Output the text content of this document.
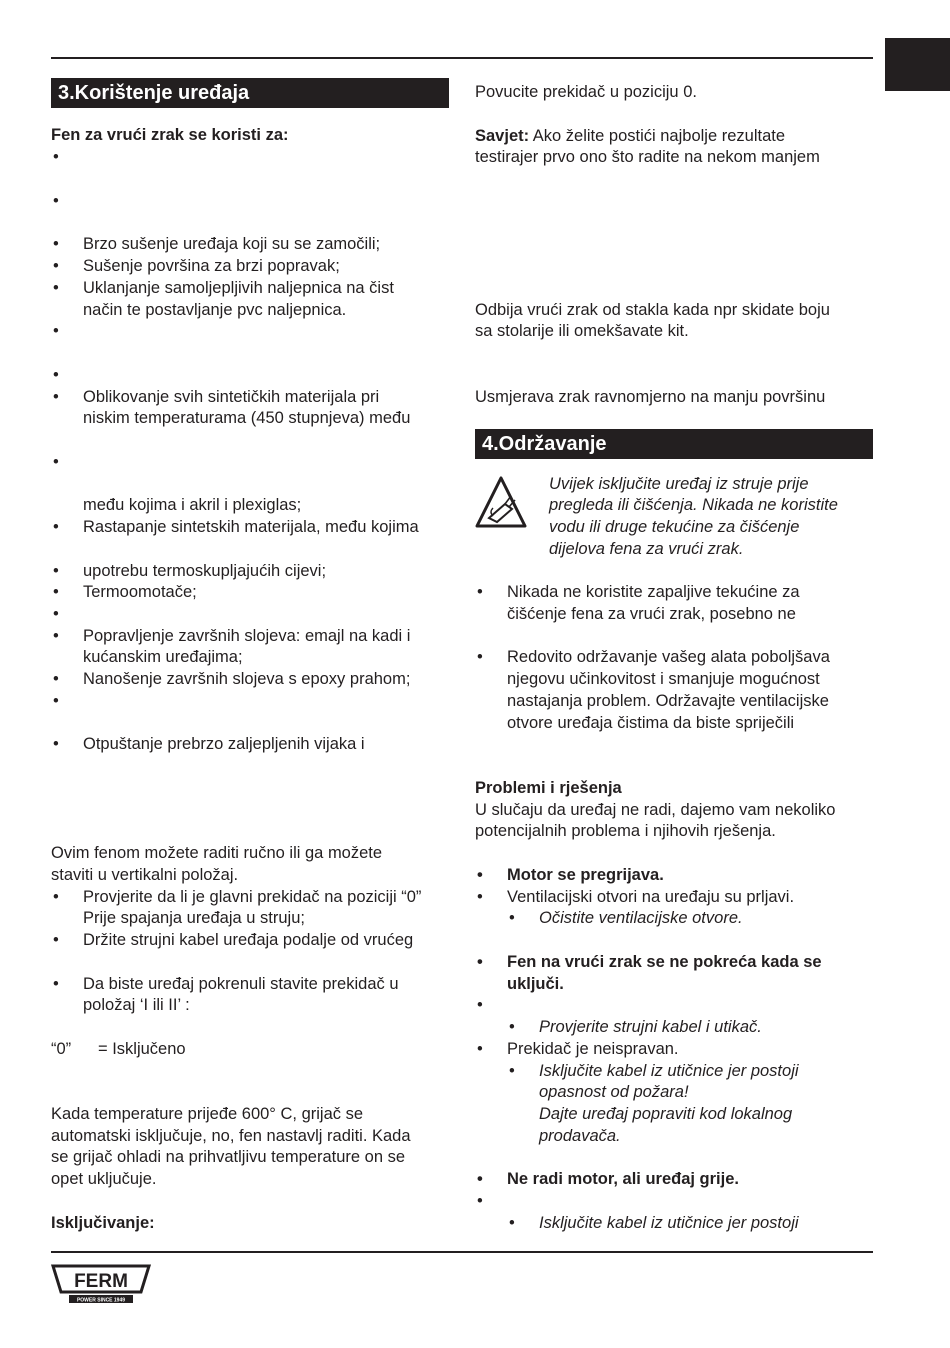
3.Korištenje uređaja
Fen za vrući zrak se koristi za:
•
•
• Brzo sušenje uređaja koji su se zamočili;
• Sušenje površina za brzi popravak;
• Uklanjanje samoljepljivih naljepnica na čist
način te postavljanje pvc naljepnica.
•
•
• Oblikovanje svih sintetičkih materijala pri
niskim temperaturama (450 stupnjeva) među
•
među kojima i akril i plexiglas;
• Rastapanje sintetskih materijala, među kojima
• upotrebu termoskupljajućih cijevi;
• Termoomotače;
•
• Popravljenje završnih slojeva: emajl na kadi i
kućanskim uređajima;
• Nanošenje završnih slojeva s epoxy prahom;
•
• Otpuštanje prebrzo zaljepljenih vijaka i
Ovim fenom možete raditi ručno ili ga možete
staviti u vertikalni položaj.
• Provjerite da li je glavni prekidač na poziciji “0”
Prije spajanja uređaja u struju;
• Držite strujni kabel uređaja podalje od vrućeg
• Da biste uređaj pokrenuli stavite prekidač u
položaj ‘I ili II’ :
“0” = Isključeno
Kada temperature prijeđe 600° C, grijač se
automatski isključuje, no, fen nastavlj raditi. Kada
se grijač ohladi na prihvatljivu temperature on se
opet uključuje.
Isključivanje:
Povucite prekidač u poziciju 0.
Savjet: Ako želite postići najbolje rezultate
testirajer prvo ono što radite na nekom manjem
Odbija vrući zrak od stakla kada npr skidate boju
sa stolarije ili omekšavate kit.
Usmjerava zrak ravnomjerno na manju površinu
4.Održavanje
Uvijek isključite uređaj iz struje prije
pregleda ili čišćenja. Nikada ne koristite
vodu ili druge tekućine za čišćenje
dijelova fena za vrući zrak.
• Nikada ne koristite zapaljive tekućine za
čišćenje fena za vrući zrak, posebno ne
• Redovito održavanje vašeg alata poboljšava
njegovu učinkovitost i smanjuje mogućnost
nastajanja problem. Održavajte ventilacijske
otvore uređaja čistima da biste spriječili
Problemi i rješenja
U slučaju da uređaj ne radi, dajemo vam nekoliko
potencijalnih problema i njihovih rješenja.
• Motor se pregrijava.
• Ventilacijski otvori na uređaju su prljavi.
• Očistite ventilacijske otvore.
• Fen na vrući zrak se ne pokreća kada se
uključi.
•
• Provjerite strujni kabel i utikač.
• Prekidač je neispravan.
• Isključite kabel iz utičnice jer postoji
opasnost od požara!
Dajte uređaj popraviti kod lokalnog
prodavača.
• Ne radi motor, ali uređaj grije.
•
• Isključite kabel iz utičnice jer postoji
FERM
POWER SINCE 1949
